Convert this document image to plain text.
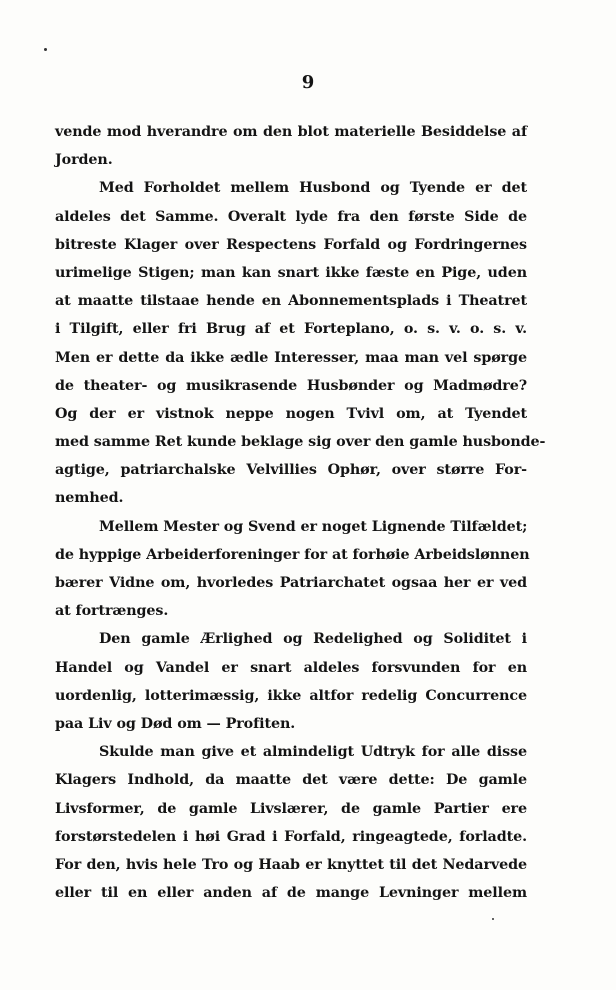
9
vende mod hverandre om den blot materielle Besiddelse af
Jorden.
Med Forholdet mellem Husbond og Tyende er det
aldeles det Samme. Overalt lyde fra den første Side de
bitreste Klager over Respectens Forfald og Fordringernes
urimelige Stigen; man kan snart ikke fæste en Pige, uden
at maatte tilstaae hende en Abonnementsplads i Theatret
i Tilgift, eller fri Brug af et Forteplano, o. s. v. o. s. v.
Men er dette da ikke ædle Interesser, maa man vel spørge
de theater- og musikrasende Husbønder og Madmødre?
Og der er vistnok neppe nogen Tvivl om, at Tyendet
med samme Ret kunde beklage sig over den gamle husbonde-
agtige, patriarchalske Velvillies Ophør, over større For-
nemhed.
Mellem Mester og Svend er noget Lignende Tilfældet;
de hyppige Arbeiderforeninger for at forhøie Arbeidslønnen
bærer Vidne om, hvorledes Patriarchatet ogsaa her er ved
at fortrænges.
Den gamle Ærlighed og Redelighed og Soliditet i
Handel og Vandel er snart aldeles forsvunden for en
uordenlig, lotterimæssig, ikke altfor redelig Concurrence
paa Liv og Død om — Profiten.
Skulde man give et almindeligt Udtryk for alle disse
Klagers Indhold, da maatte det være dette: De gamle
Livsformer, de gamle Livslærer, de gamle Partier ere
forstørstedelen i høi Grad i Forfald, ringeagtede, forladte.
For den, hvis hele Tro og Haab er knyttet til det Nedarvede
eller til en eller anden af de mange Levninger mellem
